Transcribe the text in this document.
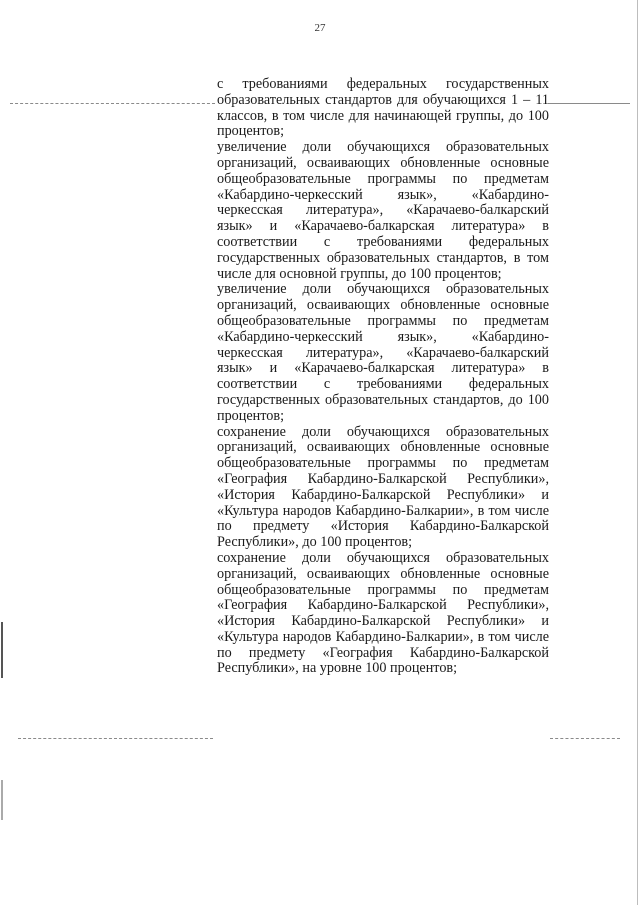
27

с требованиями федеральных государственных образовательных стандартов для обучающихся 1 – 11 классов, в том числе для начинающей группы, до 100 процентов;

увеличение доли обучающихся образовательных организаций, осваивающих обновленные основные общеобразовательные программы по предметам «Кабардино-черкесский язык», «Кабардино-черкесская литература», «Карачаево-балкарский язык» и «Карачаево-балкарская литература» в соответствии с требованиями федеральных государственных образовательных стандартов, в том числе для основной группы, до 100 процентов;

увеличение доли обучающихся образовательных организаций, осваивающих обновленные основные общеобразовательные программы по предметам «Кабардино-черкесский язык», «Кабардино-черкесская литература», «Карачаево-балкарский язык» и «Карачаево-балкарская литература» в соответствии с требованиями федеральных государственных образовательных стандартов, до 100 процентов;

сохранение доли обучающихся образовательных организаций, осваивающих обновленные основные общеобразовательные программы по предметам «География Кабардино-Балкарской Республики», «История Кабардино-Балкарской Республики» и «Культура народов Кабардино-Балкарии», в том числе по предмету «История Кабардино-Балкарской Республики», до 100 процентов;

сохранение доли обучающихся образовательных организаций, осваивающих обновленные основные общеобразовательные программы по предметам «География Кабардино-Балкарской Республики», «История Кабардино-Балкарской Республики» и «Культура народов Кабардино-Балкарии», в том числе по предмету «География Кабардино-Балкарской Республики», на уровне 100 процентов;
